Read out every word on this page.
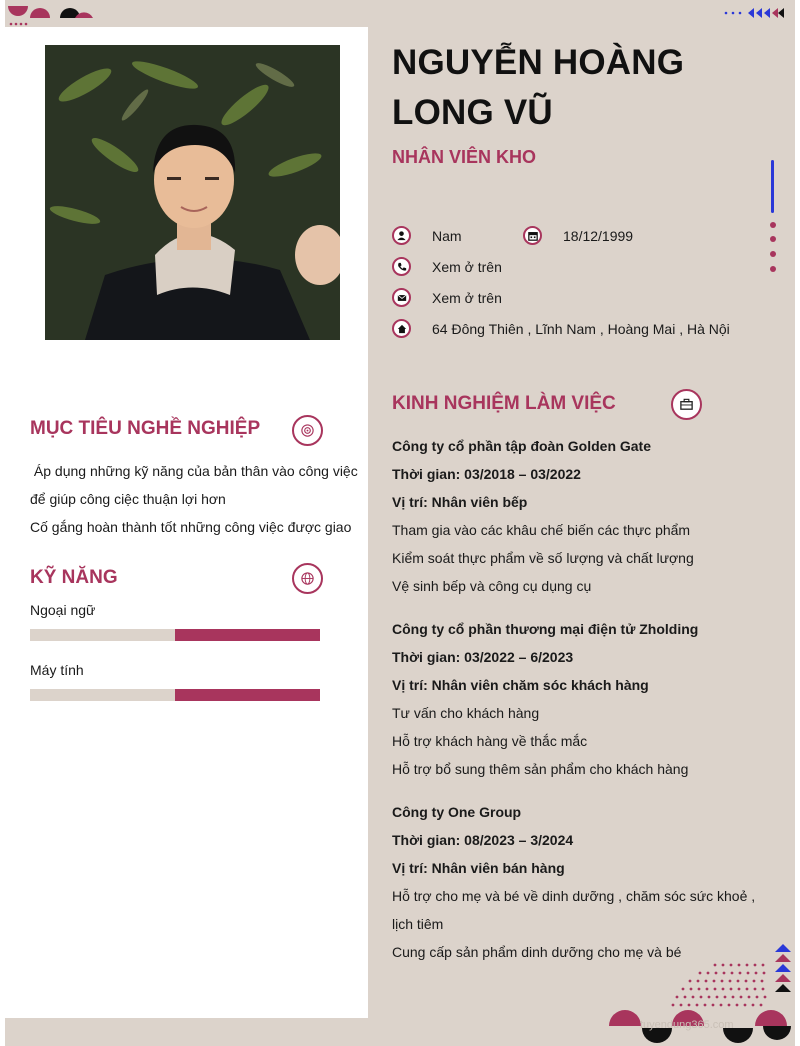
NGUYỄN HOÀNG LONG VŨ
NHÂN VIÊN KHO
Nam	18/12/1999
Xem ở trên
Xem ở trên
64 Đông Thiên , Lĩnh Nam , Hoàng Mai , Hà Nội
MỤC TIÊU NGHỀ NGHIỆP
Áp dụng những kỹ năng của bản thân vào công việc
để giúp công ciệc thuận lợi hơn
Cố gắng hoàn thành tốt những công việc được giao
KỸ NĂNG
Ngoại ngữ
Máy tính
KINH NGHIỆM LÀM VIỆC
Công ty cổ phần tập đoàn Golden Gate
Thời gian: 03/2018 – 03/2022
Vị trí: Nhân viên bếp
Tham gia vào các khâu chế biến các thực phẩm
Kiểm soát thực phẩm về số lượng và chất lượng
Vệ sinh bếp và công cụ dụng cụ
Công ty cổ phần thương mại điện tử Zholding
Thời gian: 03/2022 – 6/2023
Vị trí: Nhân viên chăm sóc khách hàng
Tư vấn cho khách hàng
Hỗ trợ khách hàng về thắc mắc
Hỗ trợ bổ sung thêm sản phẩm cho khách hàng
Công ty One Group
Thời gian: 08/2023 – 3/2024
Vị trí: Nhân viên bán hàng
Hỗ trợ cho mẹ và bé về dinh dưỡng , chăm sóc sức khoẻ ,
lịch tiêm
Cung cấp sản phẩm dinh dưỡng cho mẹ và bé
tuyendung365.com
